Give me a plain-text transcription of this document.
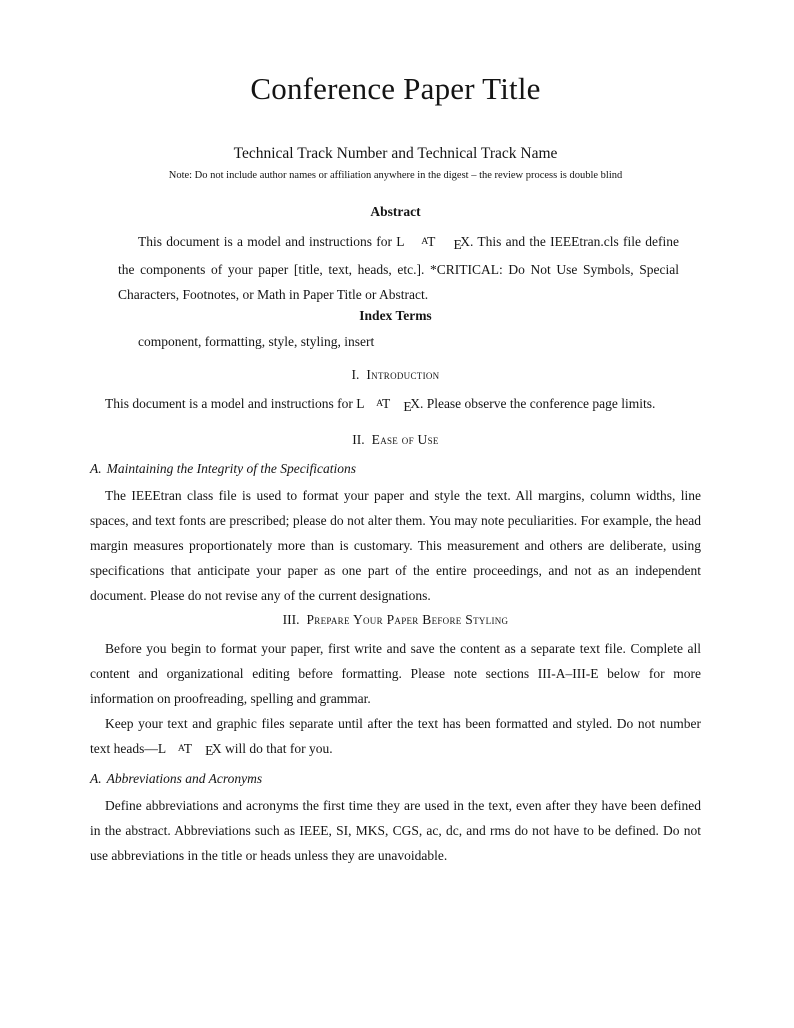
Conference Paper Title
Technical Track Number and Technical Track Name
Note: Do not include author names or affiliation anywhere in the digest – the review process is double blind
Abstract

This document is a model and instructions for L AT EX. This and the IEEEtran.cls file define the components of your paper [title, text, heads, etc.]. *CRITICAL: Do Not Use Symbols, Special Characters, Footnotes, or Math in Paper Title or Abstract.

Index Terms

component, formatting, style, styling, insert

I. Introduction

This document is a model and instructions for L AT EX. Please observe the conference page limits.

II. Ease of Use
A. Maintaining the Integrity of the Specifications

The IEEEtran class file is used to format your paper and style the text. All margins, column widths, line spaces, and text fonts are prescribed; please do not alter them. You may note peculiarities. For example, the head margin measures proportionately more than is customary. This measurement and others are deliberate, using specifications that anticipate your paper as one part of the entire proceedings, and not as an independent document. Please do not revise any of the current designations.

III. Prepare Your Paper Before Styling

Before you begin to format your paper, first write and save the content as a separate text file. Complete all content and organizational editing before formatting. Please note sections III-A–III-E below for more information on proofreading, spelling and grammar.

Keep your text and graphic files separate until after the text has been formatted and styled. Do not number text heads—L AT EX will do that for you.

A. Abbreviations and Acronyms

Define abbreviations and acronyms the first time they are used in the text, even after they have been defined in the abstract. Abbreviations such as IEEE, SI, MKS, CGS, ac, dc, and rms do not have to be defined. Do not use abbreviations in the title or heads unless they are unavoidable.
